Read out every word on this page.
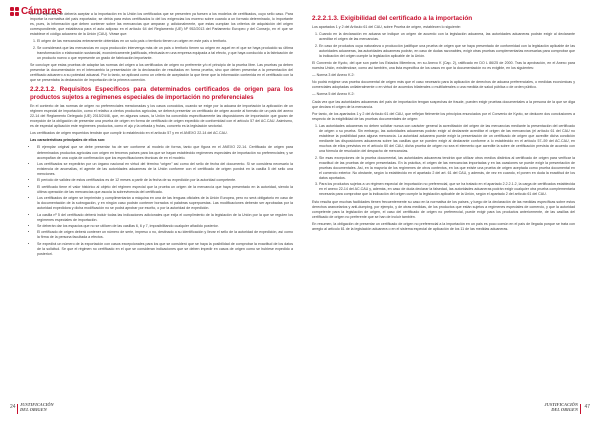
Cámaras

En ese supuesto, se debería aceptar a la importación en la Unión los certificados que se presenten ya fuesen a los modelos de certificados, cuyo sello caso. Para importar la normativa del país exportador, se debía para estos certificados lo del los exigencias los moreno sobre cuando a un formato determinado, lo importante es, pues, la información que deben contener sobre las mercancías que amparan y, adicionalmente, que estas cumplan los criterios de adquisición del origen correspondiente, que establezca para el auto adiposo en el artículo 64 del Reglamento (UE) Nº 952/2013 del Parlamento Europeo y del Consejo, en el que se establece el código aduanero de la Unión (CAU). Véase que:

1. El origen de las mercancías enteramente obtenidas en un solo país o territorio tienen un origen en este país o territorio.
2. Se considerará que las mercancías en cuya producción intervenga más de un país o territorio tienen su origen en aquel en el que se haya producido su última transformación o elaboración sustancial, económicamente justificada, efectuada en una empresa equipada a tal efecto, y que haya conducido a la fabricación de un producto nuevo o que represente un grado de fabricación importante.

Se concluye que estas pruebas de adaptar las normas del origen a los certificados de origen no preferente y/o el principio de la prueba libre. Las pruebas ya deben presentar la documentación en el intercambio la presentación de la declaración de resultados en forma prueba, sino que deben presentar a la presentación del certificado aduanero a su potestad aduanal. Por lo tanto, se aplicará como un criterio de aceptación la que tiene que la información contenida en el certificado con la que se presentaba la declaración de importación de la primera conexión.

2.2.2.1.2. Requisitos Específicos para determinados certificados de origen para los productos sujetos a regímenes especiales de importación no preferenciales

En el contexto de las normas de origen no preferenciales mencionadas y los casos conocidos, cuando se exige por la aduana de importación la aplicación de un régimen especial de importación, como el relativo a ciertos productos agrícolas, se deberá presentar un certificado de origen acorde al formato de un país del anexo 22-14 del Reglamento Delegado (UE) 2015/2446, que, en algunos casos, la Unión ha concedido específicamente las disposiciones de importación que gozan de excepción de la obligación de presentar una prueba de origen en forma de certificado de origen expedido de conformidad con el artículo 57 del AC.CAU. Asimismo, es de especial aplicación este regímenes productos, como el ajo y la cebada y frutas, concreto es la legislación sectorial.

Los certificados de origen requeridos tendrán que cumplir lo establecido en el artículo 57 y en el ANEXO 22-14 del AC.CAU.

Las características principales de ellos son:

• El ejemplar original que se debe presentar ha de ser conforme al modelo de forma, tanto que figura en el ANEXO 22-14. Certificado de origen para determinados productos agrícolas con origen en terceros países para los que se hayan establecido regímenes especiales de importación no preferenciales; y se acompañan de una copia de confirmación que los especificaciones técnicas de en el modelo.
• Los certificados se expedirán por un órgano nacional en virtud del término “origen” así como del sello de fecha del documento. Si se considera necesario la existencia de anomalías, el agente de las autoridades aduaneras de la Unión conforme con el certificado de origen pondrá en la casilla 5 del sello una menciones.
• El período de validez de estos certificados es de 12 meses a partir de la fecha de su expedición por la autoridad competente.
• El certificado tiene el valor histórico al objeto del régimen especial que la prueba un origen de la mercancía que haya presentado en la autoridad, siendo la última operación de las mercancías que asocia la sobrevivencia del certificado.
• Los certificados de origen se imprimirán y cumplimentarán a máquina en una de las lenguas oficiales de la Unión Europea, pero no será obligatorio en caso de la documentación de la subrogación, y en ningún caso podrán contener borrados ni palabras superpuestas. Las modificaciones deberán ser aprobadas por la autoridad expedidora y dicha modificación no se podrá aprobar por escrito, o por la autoridad de expedición.
• La casilla nº 5 del certificado deberá incluir todas las indicaciones adicionales que exija el cumplimiento de la legislación de la Unión por la que se regulen los regímenes especiales de importación.
• Se deberán dar los espacios que no se utilicen de las casillas 6, 6 y 7, imposibilitando cualquier añadido posterior.
• El certificado de origen deberá contener un número de serie, impreso o no, destinado a su identificación y llevar el sello de la autoridad de expedición, así como la firma de la persona facultada a efectos.
• Se expedirá un número de la exportación con casos excepcionales para los que se consideró que se haya la posibilidad de comprobar la exactitud de los datos de la solicitud. Se que el régimen no certificado en el que se consideran indicaciones que se deben impedir en casos de origen como se hubiese expedido a posteriori.
2.2.2.1.3. Exigibilidad del certificado a la importación

Los apartados 1 y 2 del Artículo 61 del CAU, sobre Prueba de origen, establecen lo siguiente:

1. Cuando en la declaración en aduana se indique un origen de acuerdo con la legislación aduanera, las autoridades aduaneras podrán exigir al declarante acreditar el origen de las mercancías.
2. En caso de productos cuya naturaleza o producción justifique una prueba de origen que se haya presentado de conformidad con la legislación aplicable de las autoridades aduaneras, las autoridades aduaneras podrán, en caso de dudas razonables, exigir otras pruebas complementarias necesarias para comprobar que la indicación del origen cumple la legislación aplicable de la Unión.

El Convenio de Kyoto, del que son parte los Estados Miembros, en su Anexo K (Cap. 2), ratificado en DO L 86/25 de 2000. Tras la aprobación, en el Anexo para nuestra Unión, existiéndose, como así también, una lista especifica de los casos en que la documentación no es exigible, en los siguientes:

— Norma 3 del Anexo K.2:

No podrá exigirse una prueba documental de origen más que el caso necesario para la aplicación de derechos de aduana preferenciales, o medidas económicas y comerciales adoptadas unilateralmente o en virtud de acuerdos bilaterales o multilaterales o una medida de salud pública o de orden público.

— Norma 5 del Anexo K.2:

Cada vez que las autoridades aduaneras del país de importación tengan sospechas de fraude, pueden exigir pruebas documentales a la persona de la que se diga que declara el origen de la mercancía.

Por tanto, de los apartados 1 y 2 del Artículo 61 del CAU, que reflejan fielmente los principios enunciados por el Convenio de Kyoto, se deducen dos conclusiones a respecto de la exigibilidad de las pruebas documentales de origen:

1. Las autoridades aduaneras no deben solicitar nunca con carácter general la acreditación del origen de las mercancías mediante la presentación del certificado de origen o su prueba. Sin embargo, las autoridades aduaneras podrán exigir al declarante acreditar el origen de las mercancías (el artículo 61 del CAU no establece la posibilidad para alguna mercancía. La autoridad aduanera puede exigir la presentación de un certificado de origen que acredite dicha condición mediante las disposiciones aduaneras sobre las casillas que se pueden exigir al declarante conforme a lo establecido en el artículo 57–59 del AC.CAU, en muchos de ellos previstos en el artículo 60 del CAU; dicha prueba de origen no sea el elemento que acredite la sobre de certificación prevista de acuerdo con una fórmula de resolución del despacho de mercancías.
2. Sin esas excepciones de la prueba documental, las autoridades aduaneras tendrán que utilizar otros medios distintos al certificado de origen para verificar la exactitud de las pruebas de origen presentadas. En la práctica, el origen de las mercancías importadas y en las ocasiones se puede exigir la presentación de pruebas documentales. Así, en la mayoría de los regímenes de otros contextos, en los que existe una prueba de origen aceptada como prueba documental en el comercio exterior. No obstante, según lo establecido en el apartado 2 del art. 61 del CAU, y además, de vez en cuando, el ponen en duda la exactitud de los datos aportados.
3. Para los productos sujetos a un régimen especial de importación no preferencial, que se ha tratado en el apartado 2.2.2.1.2, la carga de certificados establecida en el anexo 22-14 del AC.CAU y, además, en caso de duda declarar la falsedad, las autoridades aduaneras podrán exigir cualquier otra prueba complementaria necesaria para comprobar que la indicación del origen cumple la legislación aplicable de la Unión, según el apartado 2 del artículo 61 del CAU.

Esto resulta que muchas facilidades tienen frecuentemente su caso en la normativa de los países, y luego de la declaración de las medidas específicas sobre estos derechos arancelarios y anti-dumping, por ejemplo, y de otras medidas, de los productos que están sujetos a regímenes especiales de comercio, y que la autoridad competente para la legislación de origen, el caso del certificado de origen no preferencial, puede exigir para los productos anteriormente, de las casillas del certificado de origen no preferente que se han de incluir también.

En resumen, la obligación de presentar un certificado de origen no preferencial a la importación en un país es poco común en el país de llegada porque se trata con arreglo al artículo 61 de la legislación aduanera o en el sistema especial de aplicación de los 11 de las medidas aduaneras.

24 JUSTIFICACIÓN
DEL ORIGEN
JUSTIFICACIÓN
DEL ORIGEN 47
